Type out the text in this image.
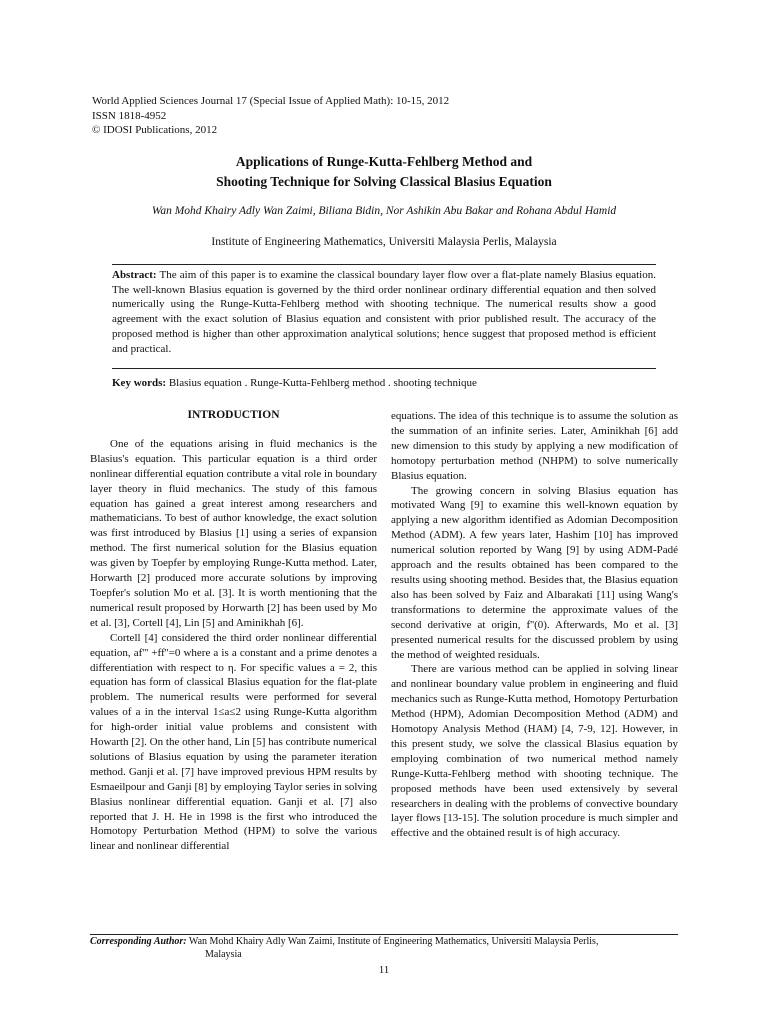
World Applied Sciences Journal 17 (Special Issue of Applied Math): 10-15, 2012
ISSN 1818-4952
© IDOSI Publications, 2012
Applications of Runge-Kutta-Fehlberg Method and
Shooting Technique for Solving Classical Blasius Equation
Wan Mohd Khairy Adly Wan Zaimi, Biliana Bidin, Nor Ashikin Abu Bakar and Rohana Abdul Hamid
Institute of Engineering Mathematics, Universiti Malaysia Perlis, Malaysia
Abstract: The aim of this paper is to examine the classical boundary layer flow over a flat-plate namely Blasius equation. The well-known Blasius equation is governed by the third order nonlinear ordinary differential equation and then solved numerically using the Runge-Kutta-Fehlberg method with shooting technique. The numerical results show a good agreement with the exact solution of Blasius equation and consistent with prior published result. The accuracy of the proposed method is higher than other approximation analytical solutions; hence suggest that proposed method is efficient and practical.
Key words: Blasius equation . Runge-Kutta-Fehlberg method . shooting technique
INTRODUCTION

One of the equations arising in fluid mechanics is the Blasius's equation. This particular equation is a third order nonlinear differential equation contribute a vital role in boundary layer theory in fluid mechanics. The study of this famous equation has gained a great interest among researchers and mathematicians. To best of author knowledge, the exact solution was first introduced by Blasius [1] using a series of expansion method. The first numerical solution for the Blasius equation was given by Toepfer by employing Runge-Kutta method. Later, Horwarth [2] produced more accurate solutions by improving Toepfer's solution Mo et al. [3]. It is worth mentioning that the numerical result proposed by Horwarth [2] has been used by Mo et al. [3], Cortell [4], Lin [5] and Aminikhah [6].

Cortell [4] considered the third order nonlinear differential equation, af''' +ff''=0 where a is a constant and a prime denotes a differentiation with respect to η. For specific values a = 2, this equation has form of classical Blasius equation for the flat-plate problem. The numerical results were performed for several values of a in the interval 1≤a≤2 using Runge-Kutta algorithm for high-order initial value problems and consistent with Howarth [2]. On the other hand, Lin [5] has contribute numerical solutions of Blasius equation by using the parameter iteration method. Ganji et al. [7] have improved previous HPM results by Esmaeilpour and Ganji [8] by employing Taylor series in solving Blasius nonlinear differential equation. Ganji et al. [7] also reported that J. H. He in 1998 is the first who introduced the Homotopy Perturbation Method (HPM) to solve the various linear and nonlinear differential

equations. The idea of this technique is to assume the solution as the summation of an infinite series. Later, Aminikhah [6] add new dimension to this study by applying a new modification of homotopy perturbation method (NHPM) to solve numerically Blasius equation.

The growing concern in solving Blasius equation has motivated Wang [9] to examine this well-known equation by applying a new algorithm identified as Adomian Decomposition Method (ADM). A few years later, Hashim [10] has improved numerical solution reported by Wang [9] by using ADM-Padé approach and the results obtained has been compared to the results using shooting method. Besides that, the Blasius equation also has been solved by Faiz and Albarakati [11] using Wang's transformations to determine the approximate values of the second derivative at origin, f''(0). Afterwards, Mo et al. [3] presented numerical results for the discussed problem by using the method of weighted residuals.

There are various method can be applied in solving linear and nonlinear boundary value problem in engineering and fluid mechanics such as Runge-Kutta method, Homotopy Perturbation Method (HPM), Adomian Decomposition Method (ADM) and Homotopy Analysis Method (HAM) [4, 7-9, 12]. However, in this present study, we solve the classical Blasius equation by employing combination of two numerical method namely Runge-Kutta-Fehlberg method with shooting technique. The proposed methods have been used extensively by several researchers in dealing with the problems of convective boundary layer flows [13-15]. The solution procedure is much simpler and effective and the obtained result is of high accuracy.

Corresponding Author: Wan Mohd Khairy Adly Wan Zaimi, Institute of Engineering Mathematics, Universiti Malaysia Perlis,
Malaysia
11
